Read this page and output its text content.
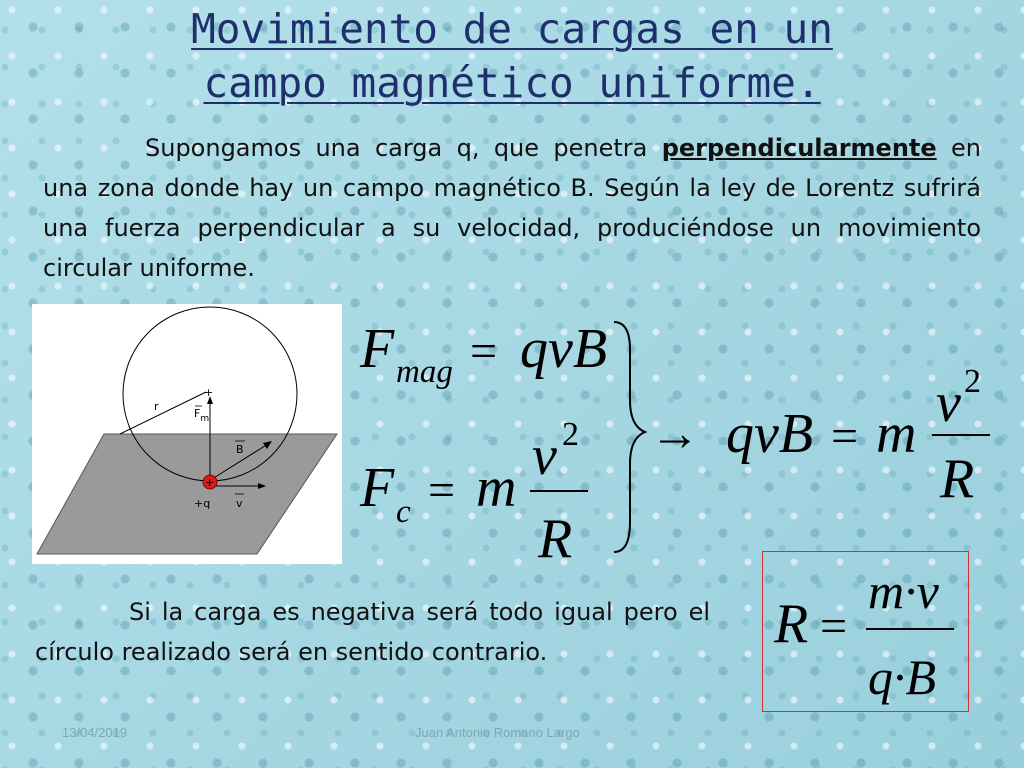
Movimiento de cargas en un
campo magnético uniforme.

Supongamos una carga q, que penetra perpendicularmente en una zona donde hay un campo magnético B. Según la ley de Lorentz sufrirá una fuerza perpendicular a su velocidad, produciéndose un movimiento circular uniforme.

r
+
$F_m$
B
v
+
+q
F mag = qvB
F c = m
v 2
R
→ qvB = m v 2
R
R =
m·v
q·B

Si la carga es negativa será todo igual pero el círculo realizado será en sentido contrario.

13/04/2019	Juan Antonio Romano Largo
